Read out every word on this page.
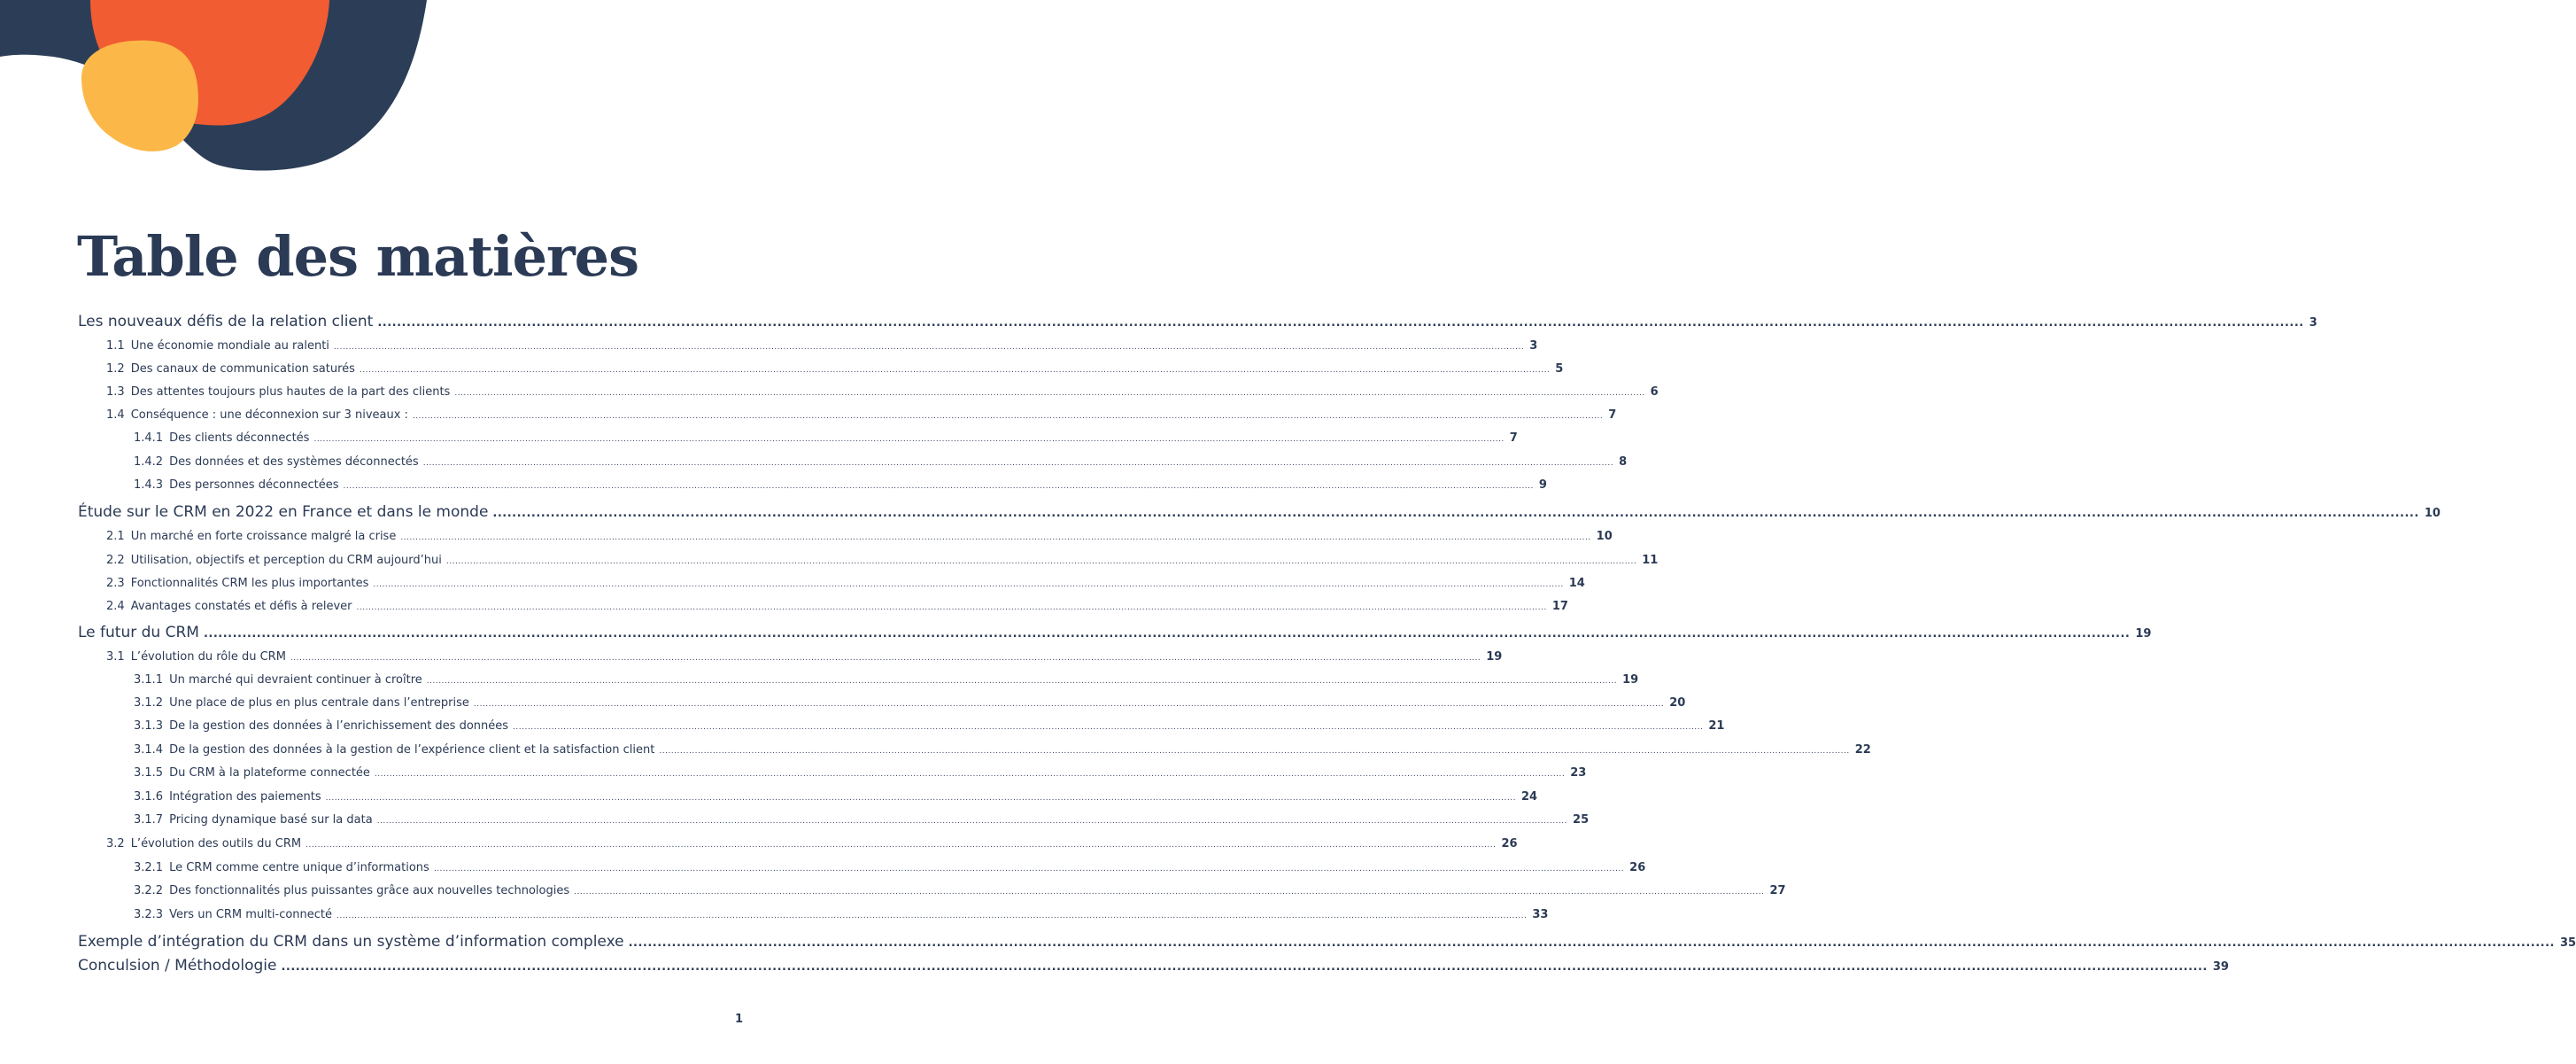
Table des matières
Les nouveaux défis de la relation client ................................................................................................................................................................................................................................................................................................................................................................................................................ 3
1.1 Une économie mondiale au ralenti ................................................................................................................................................................................................................................................................................................................................................................................................................ 3
1.2 Des canaux de communication saturés ................................................................................................................................................................................................................................................................................................................................................................................................................ 5
1.3 Des attentes toujours plus hautes de la part des clients ................................................................................................................................................................................................................................................................................................................................................................................................................ 6
1.4 Conséquence : une déconnexion sur 3 niveaux : ................................................................................................................................................................................................................................................................................................................................................................................................................ 7
1.4.1 Des clients déconnectés ................................................................................................................................................................................................................................................................................................................................................................................................................ 7
1.4.2 Des données et des systèmes déconnectés ................................................................................................................................................................................................................................................................................................................................................................................................................ 8
1.4.3 Des personnes déconnectées ................................................................................................................................................................................................................................................................................................................................................................................................................ 9
Étude sur le CRM en 2022 en France et dans le monde ................................................................................................................................................................................................................................................................................................................................................................................................................ 10
2.1 Un marché en forte croissance malgré la crise ................................................................................................................................................................................................................................................................................................................................................................................................................ 10
2.2 Utilisation, objectifs et perception du CRM aujourd’hui ................................................................................................................................................................................................................................................................................................................................................................................................................ 11
2.3 Fonctionnalités CRM les plus importantes ................................................................................................................................................................................................................................................................................................................................................................................................................ 14
2.4 Avantages constatés et défis à relever ................................................................................................................................................................................................................................................................................................................................................................................................................ 17
Le futur du CRM ................................................................................................................................................................................................................................................................................................................................................................................................................ 19
3.1 L’évolution du rôle du CRM ................................................................................................................................................................................................................................................................................................................................................................................................................ 19
3.1.1 Un marché qui devraient continuer à croître ................................................................................................................................................................................................................................................................................................................................................................................................................ 19
3.1.2 Une place de plus en plus centrale dans l’entreprise ................................................................................................................................................................................................................................................................................................................................................................................................................ 20
3.1.3 De la gestion des données à l’enrichissement des données ................................................................................................................................................................................................................................................................................................................................................................................................................ 21
3.1.4 De la gestion des données à la gestion de l’expérience client et la satisfaction client ................................................................................................................................................................................................................................................................................................................................................................................................................ 22
3.1.5 Du CRM à la plateforme connectée ................................................................................................................................................................................................................................................................................................................................................................................................................ 23
3.1.6 Intégration des paiements ................................................................................................................................................................................................................................................................................................................................................................................................................ 24
3.1.7 Pricing dynamique basé sur la data ................................................................................................................................................................................................................................................................................................................................................................................................................ 25
3.2 L’évolution des outils du CRM ................................................................................................................................................................................................................................................................................................................................................................................................................ 26
3.2.1 Le CRM comme centre unique d’informations ................................................................................................................................................................................................................................................................................................................................................................................................................ 26
3.2.2 Des fonctionnalités plus puissantes grâce aux nouvelles technologies ................................................................................................................................................................................................................................................................................................................................................................................................................ 27
3.2.3 Vers un CRM multi-connecté ................................................................................................................................................................................................................................................................................................................................................................................................................ 33
Exemple d’intégration du CRM dans un système d’information complexe ................................................................................................................................................................................................................................................................................................................................................................................................................ 35
Conculsion / Méthodologie ................................................................................................................................................................................................................................................................................................................................................................................................................ 39
1
